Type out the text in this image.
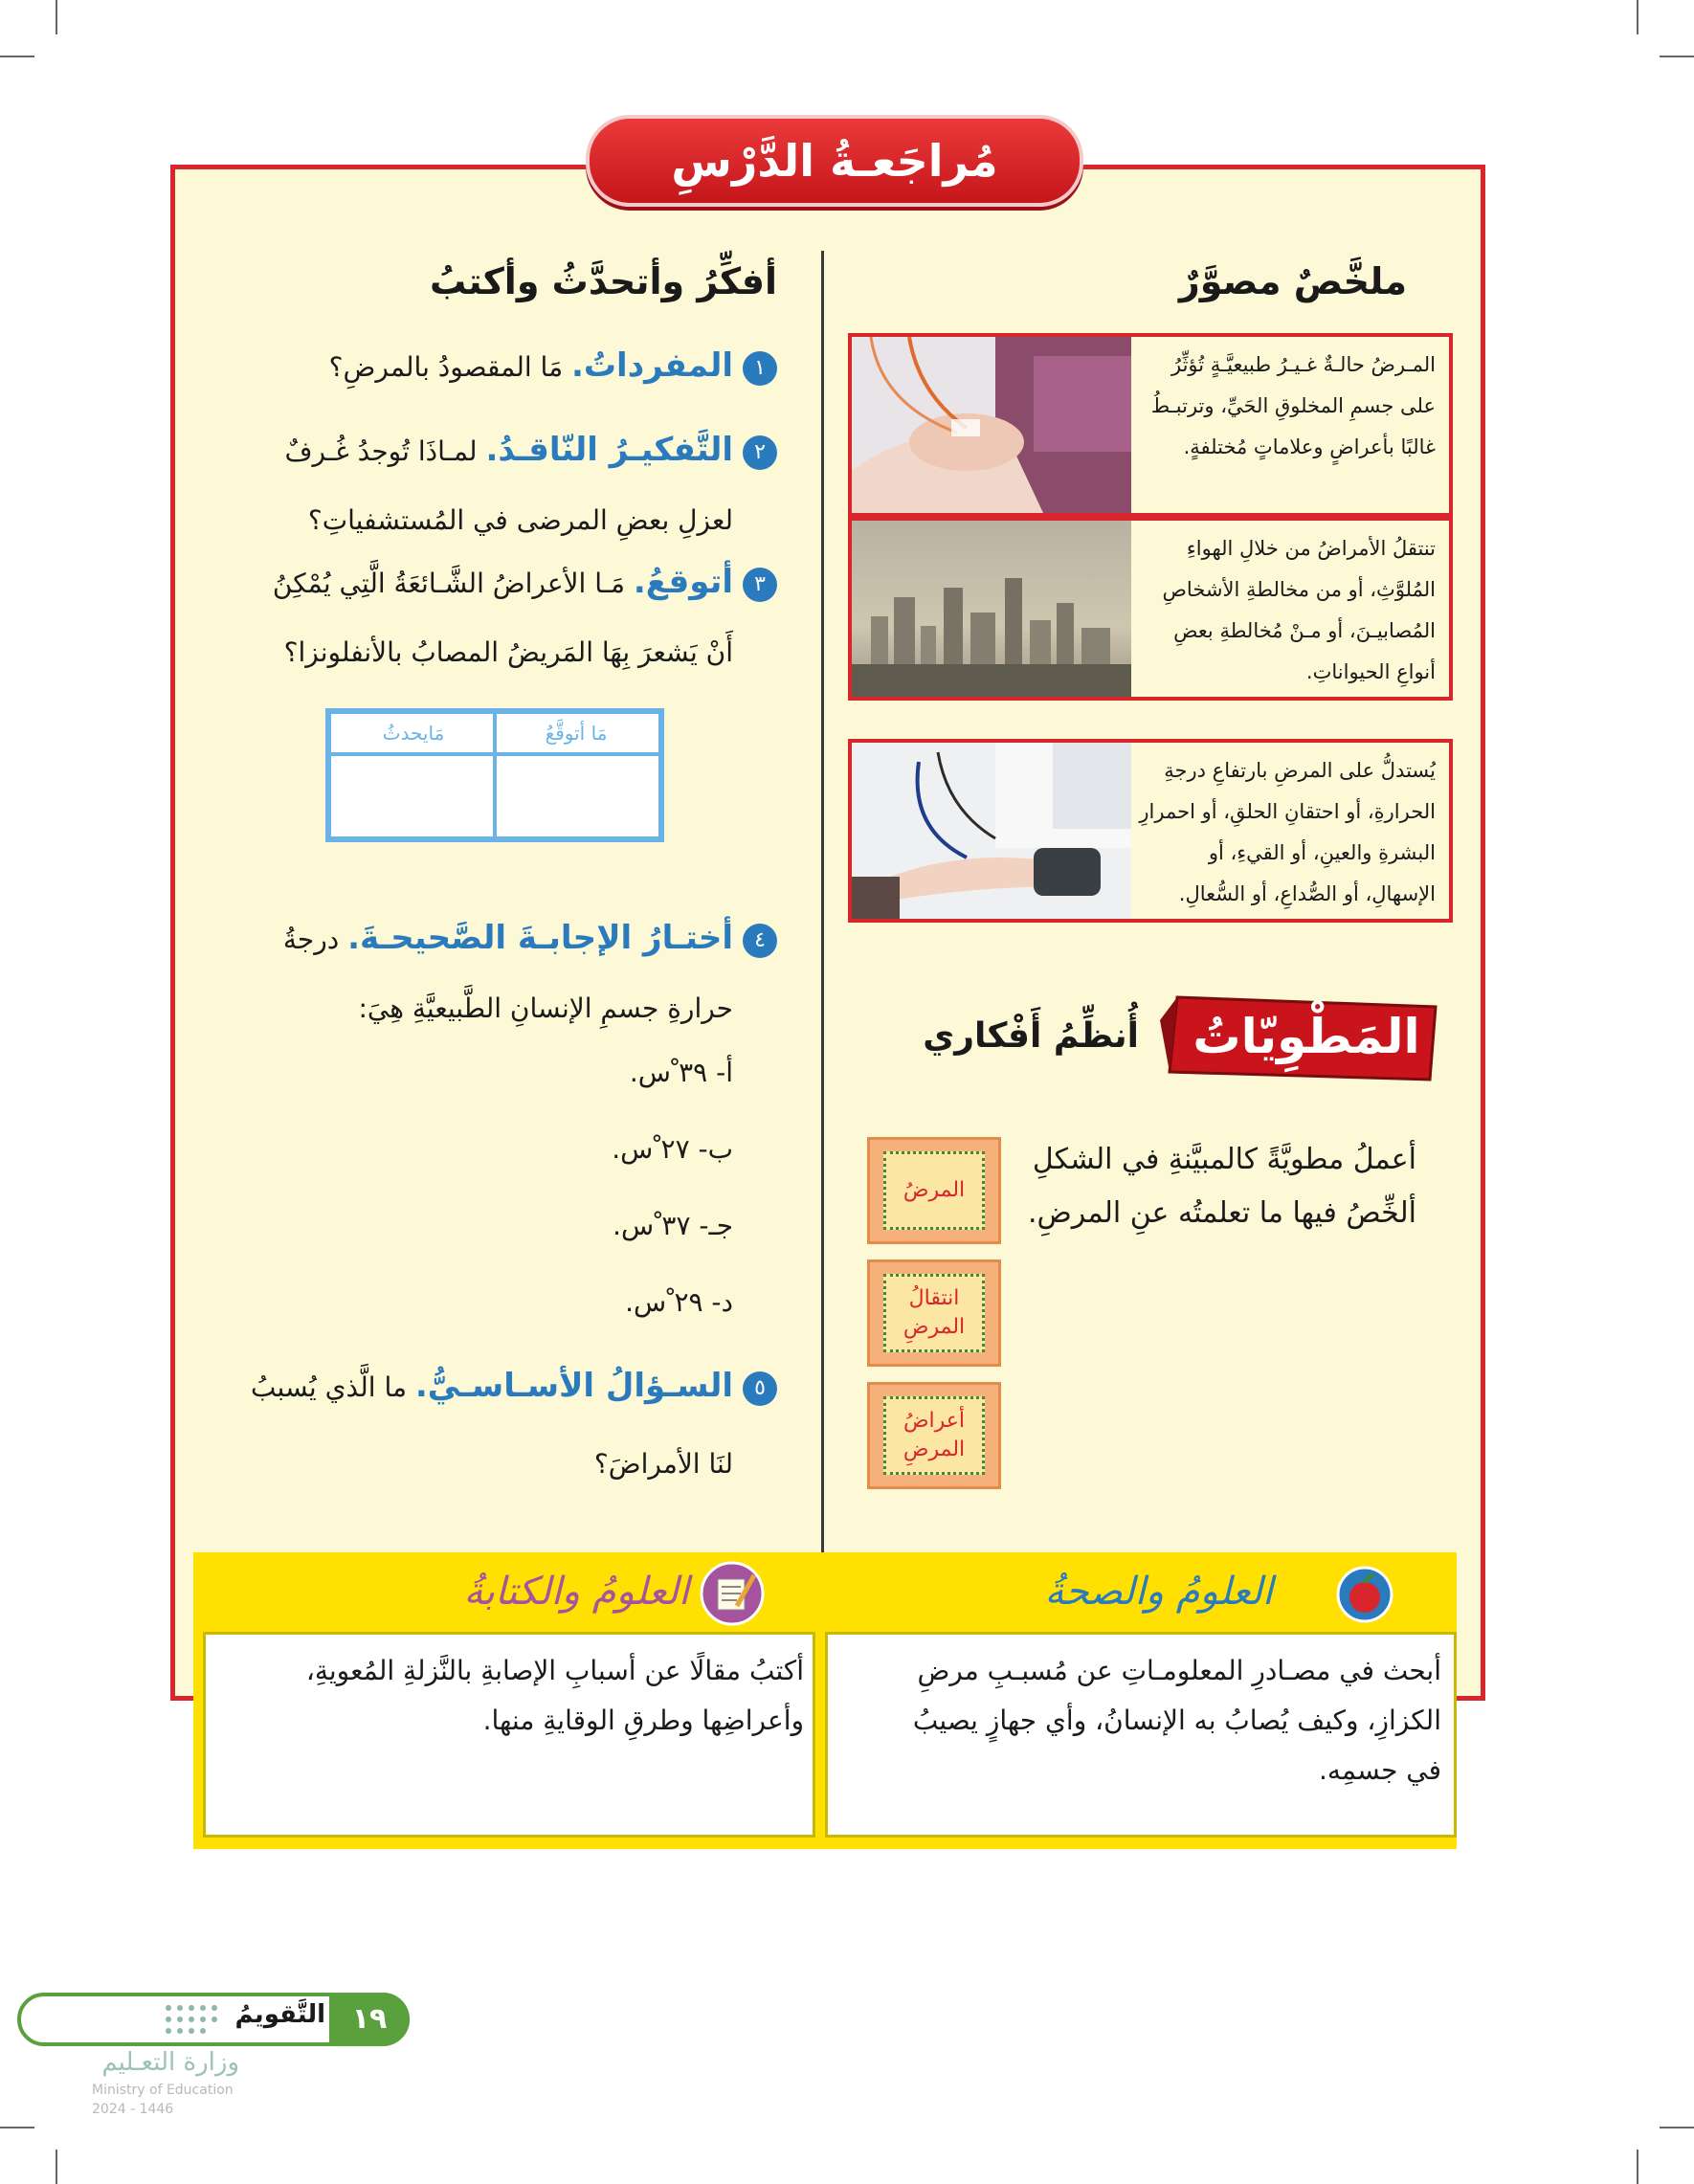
مُراجَعـةُ الدَّرْسِ
ملخَّصٌ مصوَّرٌ
المـرضُ حالـةٌ غـيـرُ طبيعيَّـةٍ تُؤثِّرُ على جسمِ المخلوقِ الحَيِّ، وترتبـطُ غالبًا بأعراضٍ وعلاماتٍ مُختلفةٍ.
تنتقلُ الأمراضُ من خلالِ الهواءِ المُلوَّثِ، أو من مخالطةِ الأشخاصِ المُصابيـنَ، أو مـنْ مُخالطةِ بعضِ أنواعِ الحيواناتِ.
يُستدلُّ على المرضِ بارتفاعِ درجةِ الحرارةِ، أو احتقانِ الحلقِ، أو احمرارِ البشرةِ والعينِ، أو القيءِ، أو الإسهالِ، أو الصُّداعِ، أو السُّعالِ.
المَطْوِيّاتُ
أُنظِّمُ أَفْكاري
أعملُ مطويَّةً كالمبيَّنةِ في الشكلِ
ألخِّصُ فيها ما تعلمتُه عنِ المرضِ.
المرضُ
انتقالُ المرضِ
أعراضُ المرضِ
أفكِّرُ وأتحدَّثُ وأكتبُ
١المفرداتُ. مَا المقصودُ بالمرضِ؟
٢التَّفكيـرُ النّاقـدُ. لمـاذَا تُوجدُ غُـرفٌ
لعزلِ بعضِ المرضى في المُستشفياتِ؟
٣أتوقعُ. مَـا الأعراضُ الشَّـائعَةُ الَّتِي يُمْكِنُ
أَنْ يَشعرَ بِهَا المَريضُ المصابُ بالأنفلونزا؟
مَا أتوقَّعُ
مَايحدثُ
٤أختـارُ الإجابـةَ الصَّحيحـةَ. درجةُ
حرارةِ جسمِ الإنسانِ الطَّبيعيَّةِ هِيَ:
أ- ٣٩ ْس.
ب- ٢٧ ْس.
جـ- ٣٧ ْس.
د- ٢٩ ْس.
٥السـؤالُ الأسـاسـيُّ. ما الَّذي يُسببُ
لنَا الأمراضَ؟
العلومُ والصحةُ
العلومُ والكتابةُ
أبحث في مصـادرِ المعلومـاتِ عن مُسبـبِ مرضِ
الكزازِ، وكيف يُصابُ به الإنسانُ، وأي جهازٍ يصيبُ
في جسمِه.
أكتبُ مقالًا عن أسبابِ الإصابةِ بالنَّزلةِ المُعويةِ،
وأعراضِها وطرقِ الوقايةِ منها.
١٩
التَّقويمُ
وزارة التعـليم
Ministry of Education
2024 - 1446
